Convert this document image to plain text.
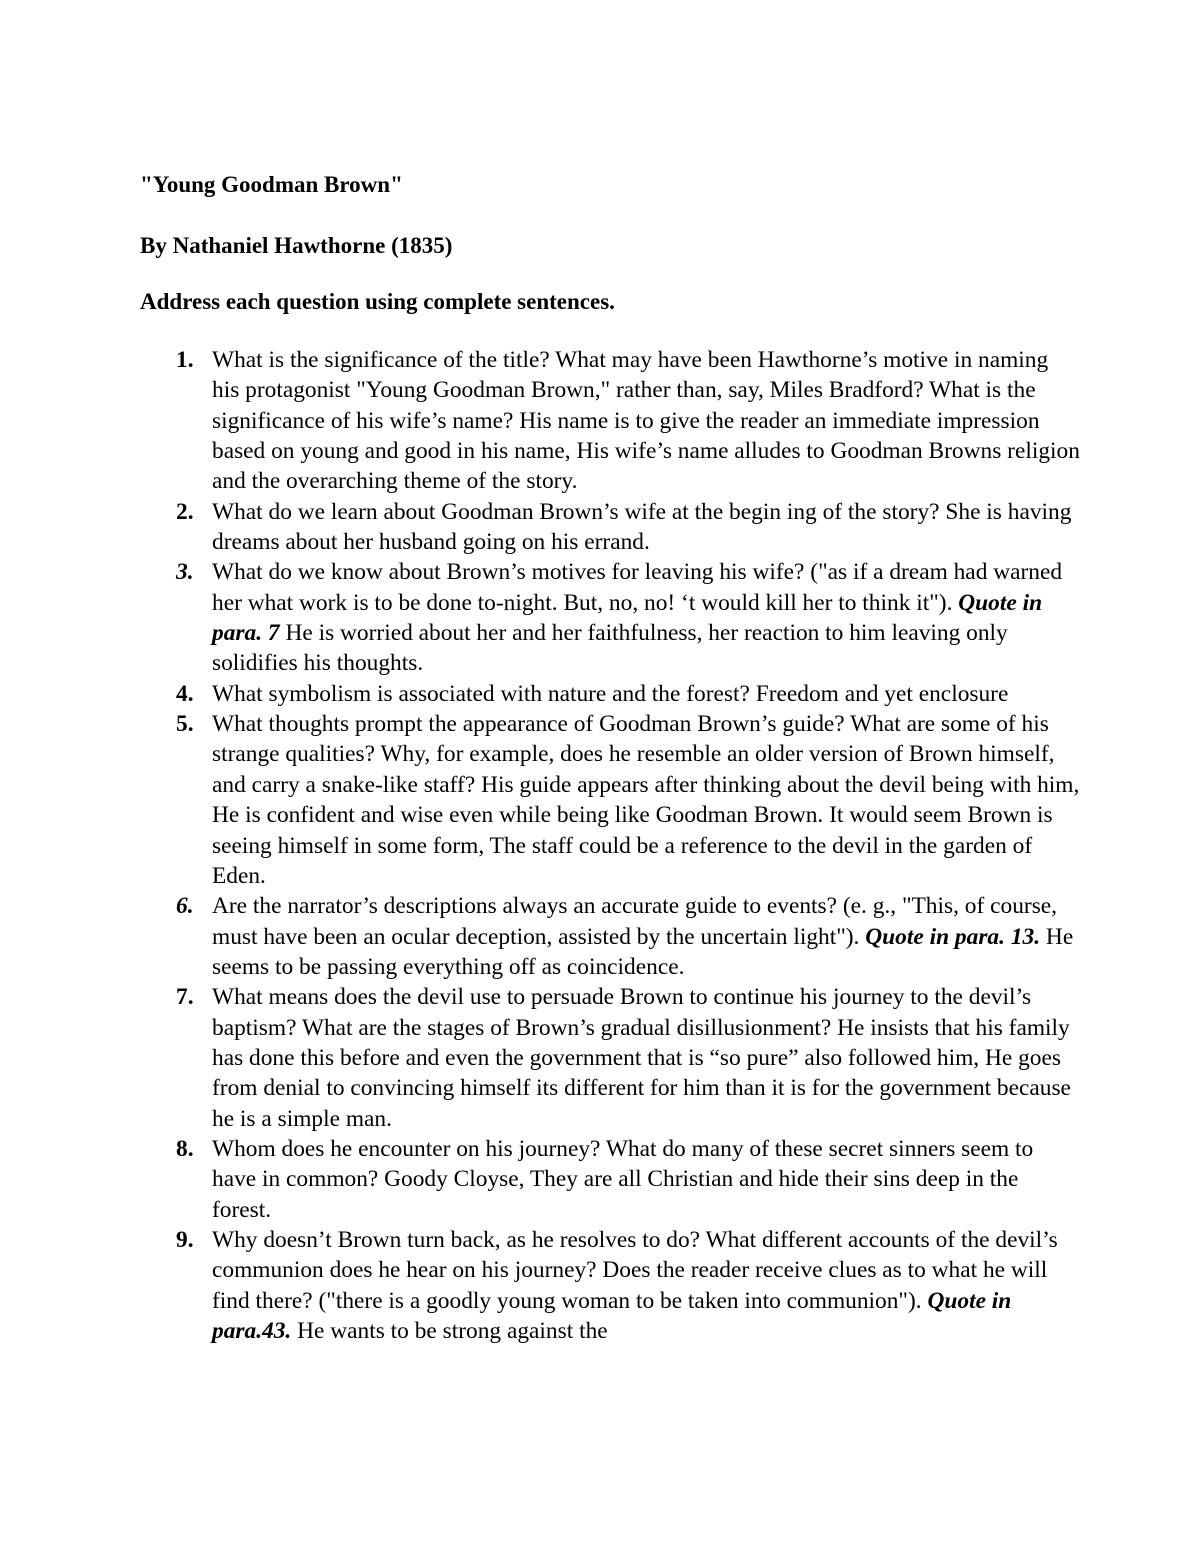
"Young Goodman Brown"

By Nathaniel Hawthorne (1835)

Address each question using complete sentences.

1. What is the significance of the title? What may have been Hawthorne’s motive in naming his protagonist "Young Goodman Brown," rather than, say, Miles Bradford? What is the significance of his wife’s name? His name is to give the reader an immediate impression based on young and good in his name, His wife’s name alludes to Goodman Browns religion and the overarching theme of the story.
2. What do we learn about Goodman Brown’s wife at the begin ing of the story? She is having dreams about her husband going on his errand.
3. What do we know about Brown’s motives for leaving his wife? ("as if a dream had warned her what work is to be done to-night. But, no, no! ‘t would kill her to think it"). Quote in para. 7 He is worried about her and her faithfulness, her reaction to him leaving only solidifies his thoughts.
4. What symbolism is associated with nature and the forest? Freedom and yet enclosure
5. What thoughts prompt the appearance of Goodman Brown’s guide? What are some of his strange qualities? Why, for example, does he resemble an older version of Brown himself, and carry a snake-like staff? His guide appears after thinking about the devil being with him, He is confident and wise even while being like Goodman Brown. It would seem Brown is seeing himself in some form, The staff could be a reference to the devil in the garden of Eden.
6. Are the narrator’s descriptions always an accurate guide to events? (e. g., "This, of course, must have been an ocular deception, assisted by the uncertain light"). Quote in para. 13. He seems to be passing everything off as coincidence.
7. What means does the devil use to persuade Brown to continue his journey to the devil’s baptism? What are the stages of Brown’s gradual disillusionment? He insists that his family has done this before and even the government that is “so pure” also followed him, He goes from denial to convincing himself its different for him than it is for the government because he is a simple man.
8. Whom does he encounter on his journey? What do many of these secret sinners seem to have in common? Goody Cloyse, They are all Christian and hide their sins deep in the forest.
9. Why doesn’t Brown turn back, as he resolves to do? What different accounts of the devil’s communion does he hear on his journey? Does the reader receive clues as to what he will find there? ("there is a goodly young woman to be taken into communion"). Quote in para.43. He wants to be strong against the
